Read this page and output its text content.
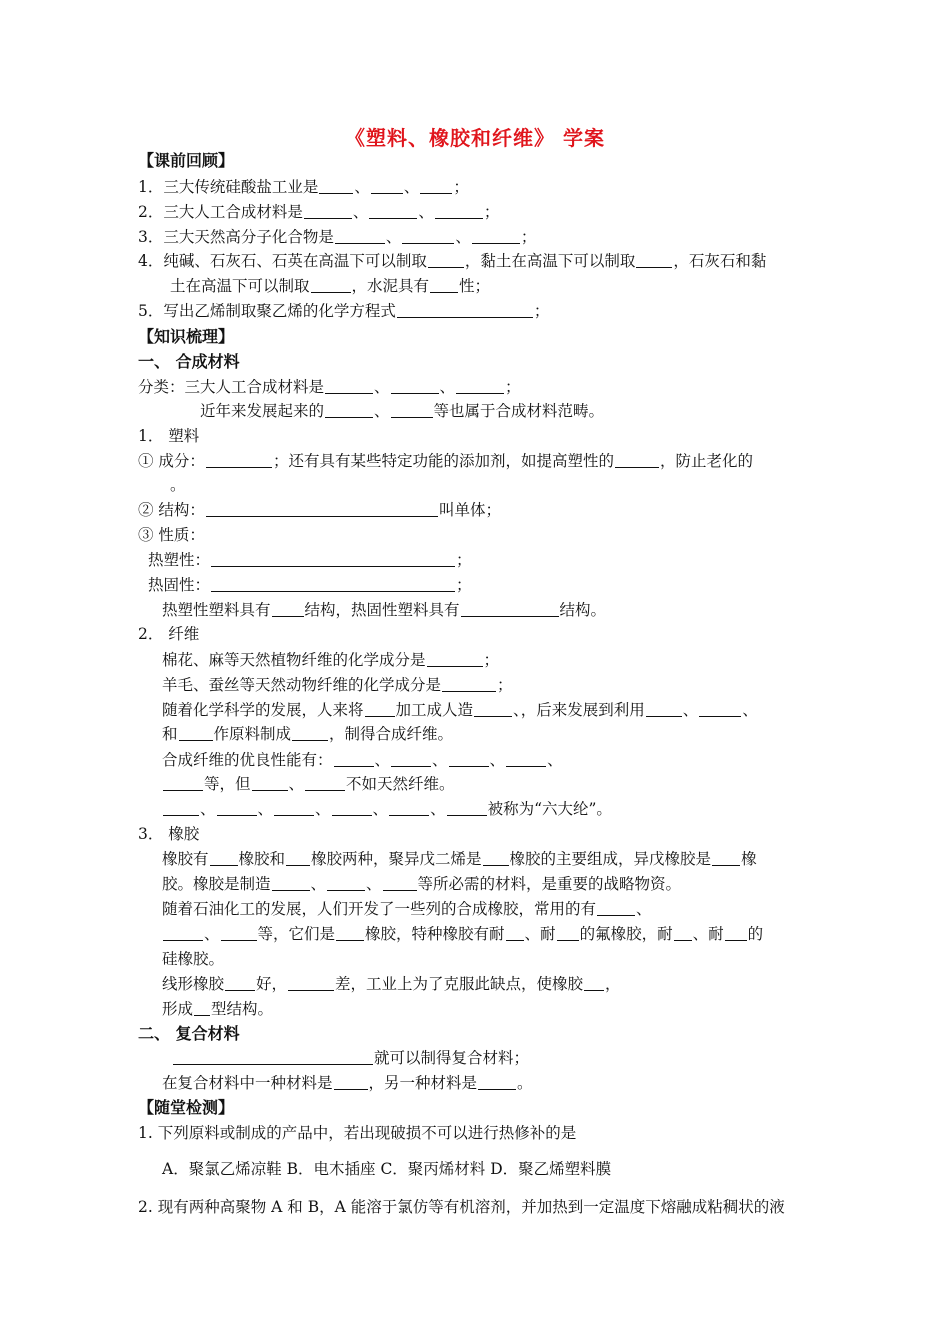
《塑料、橡胶和纤维》 学案
【课前回顾】
1．三大传统硅酸盐工业是 、 、 ；
2．三大人工合成材料是	、	、	；
3．三大天然高分子化合物是	、	、	；
4．纯碱、石灰石、石英在高温下可以制取 ，黏土在高温下可以制取 ，石灰石和黏
土在高温下可以制取	，水泥具有 性；
5．写出乙烯制取聚乙烯的化学方程式	；
【知识梳理】
一、 合成材料
分类：三大人工合成材料是	、	、	；
近年来发展起来的	、	等也属于合成材料范畴。
1． 塑料
① 成分：	；还有具有某些特定功能的添加剂，如提高塑性的	，防止老化的
。
② 结构：	叫单体；
③ 性质：
热塑性：	；
热固性：	；
热塑性塑料具有 结构，热固性塑料具有	结构。
2． 纤维
棉花、麻等天然植物纤维的化学成分是	；
羊毛、蚕丝等天然动物纤维的化学成分是	；
随着化学科学的发展，人来将 加工成人造	、，后来发展到利用 、	、
和 作原料制成 ，制得合成纤维。
合成纤维的优良性能有：	、	、	、	、
等，但 、	不如天然纤维。
、	、	、	、	、	被称为“六大纶”。
3． 橡胶
橡胶有 橡胶和 橡胶两种，聚异戊二烯是 橡胶的主要组成，异戊橡胶是 橡
胶。橡胶是制造	、	、 等所必需的材料，是重要的战略物资。
随着石油化工的发展，人们开发了一些列的合成橡胶，常用的有	、
、 等，它们是 橡胶，特种橡胶有耐 、耐 的氟橡胶，耐 、耐 的
硅橡胶。
线形橡胶 好，	差，工业上为了克服此缺点，使橡胶 ，
形成 型结构。
二、 复合材料
就可以制得复合材料；
在复合材料中一种材料是 ，另一种材料是	。
【随堂检测】
1. 下列原料或制成的产品中，若出现破损不可以进行热修补的是
A．聚氯乙烯凉鞋 B．电木插座 C．聚丙烯材料 D．聚乙烯塑料膜
2. 现有两种高聚物 A 和 B，A 能溶于氯仿等有机溶剂，并加热到一定温度下熔融成粘稠状的液
